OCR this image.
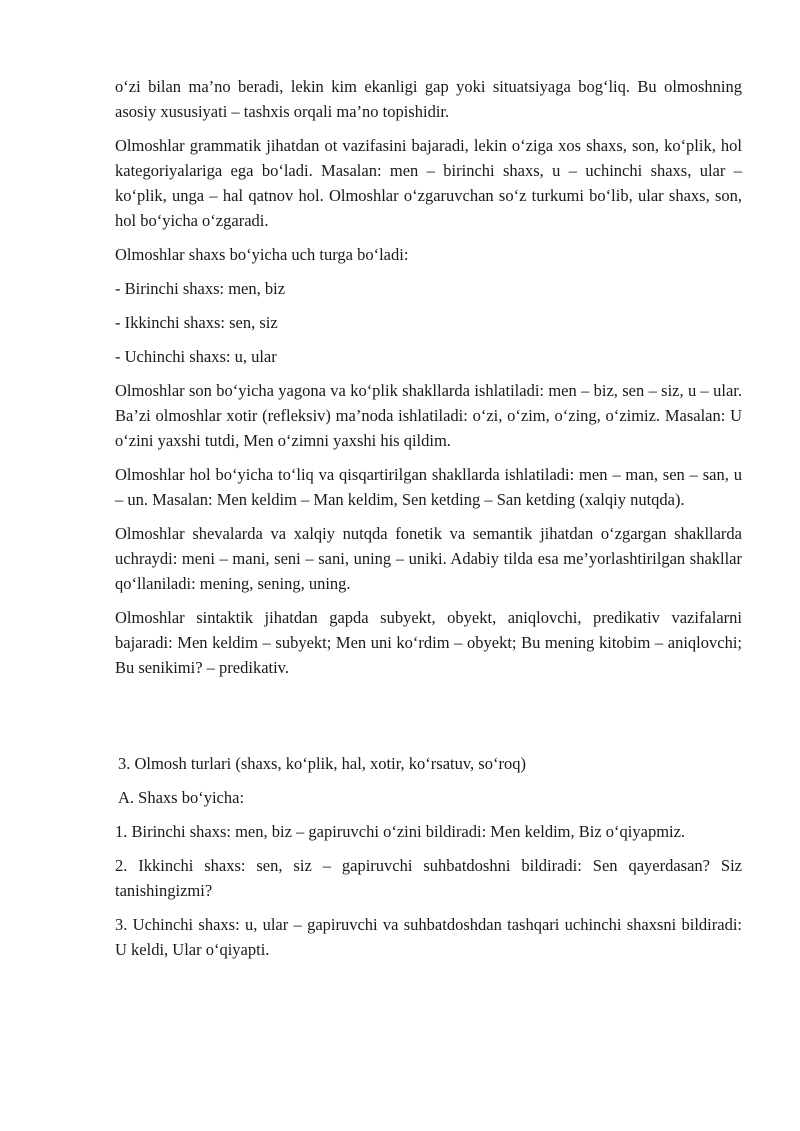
o‘zi bilan ma’no beradi, lekin kim ekanligi gap yoki situatsiyaga bog‘liq. Bu olmoshning asosiy xususiyati – tashxis orqali ma’no topishidir.

Olmoshlar grammatik jihatdan ot vazifasini bajaradi, lekin o‘ziga xos shaxs, son, ko‘plik, hol kategoriyalariga ega bo‘ladi. Masalan: men – birinchi shaxs, u – uchinchi shaxs, ular – ko‘plik, unga – hal qatnov hol. Olmoshlar o‘zgaruvchan so‘z turkumi bo‘lib, ular shaxs, son, hol bo‘yicha o‘zgaradi.

Olmoshlar shaxs bo‘yicha uch turga bo‘ladi:

- Birinchi shaxs: men, biz

- Ikkinchi shaxs: sen, siz

- Uchinchi shaxs: u, ular

Olmoshlar son bo‘yicha yagona va ko‘plik shakllarda ishlatiladi: men – biz, sen – siz, u – ular. Ba’zi olmoshlar xotir (refleksiv) ma’noda ishlatiladi: o‘zi, o‘zim, o‘zing, o‘zimiz. Masalan: U o‘zini yaxshi tutdi, Men o‘zimni yaxshi his qildim.

Olmoshlar hol bo‘yicha to‘liq va qisqartirilgan shakllarda ishlatiladi: men – man, sen – san, u – un. Masalan: Men keldim – Man keldim, Sen ketding – San ketding (xalqiy nutqda).

Olmoshlar shevalarda va xalqiy nutqda fonetik va semantik jihatdan o‘zgargan shakllarda uchraydi: meni – mani, seni – sani, uning – uniki. Adabiy tilda esa me’yorlashtirilgan shakllar qo‘llaniladi: mening, sening, uning.

Olmoshlar sintaktik jihatdan gapda subyekt, obyekt, aniqlovchi, predikativ vazifalarni bajaradi: Men keldim – subyekt; Men uni ko‘rdim – obyekt; Bu mening kitobim – aniqlovchi; Bu senikimi? – predikativ.

3. Olmosh turlari (shaxs, ko‘plik, hal, xotir, ko‘rsatuv, so‘roq)

A. Shaxs bo‘yicha:

1. Birinchi shaxs: men, biz – gapiruvchi o‘zini bildiradi: Men keldim, Biz o‘qiyapmiz.

2. Ikkinchi shaxs: sen, siz – gapiruvchi suhbatdoshni bildiradi: Sen qayerdasan? Siz tanishingizmi?

3. Uchinchi shaxs: u, ular – gapiruvchi va suhbatdoshdan tashqari uchinchi shaxsni bildiradi: U keldi, Ular o‘qiyapti.
